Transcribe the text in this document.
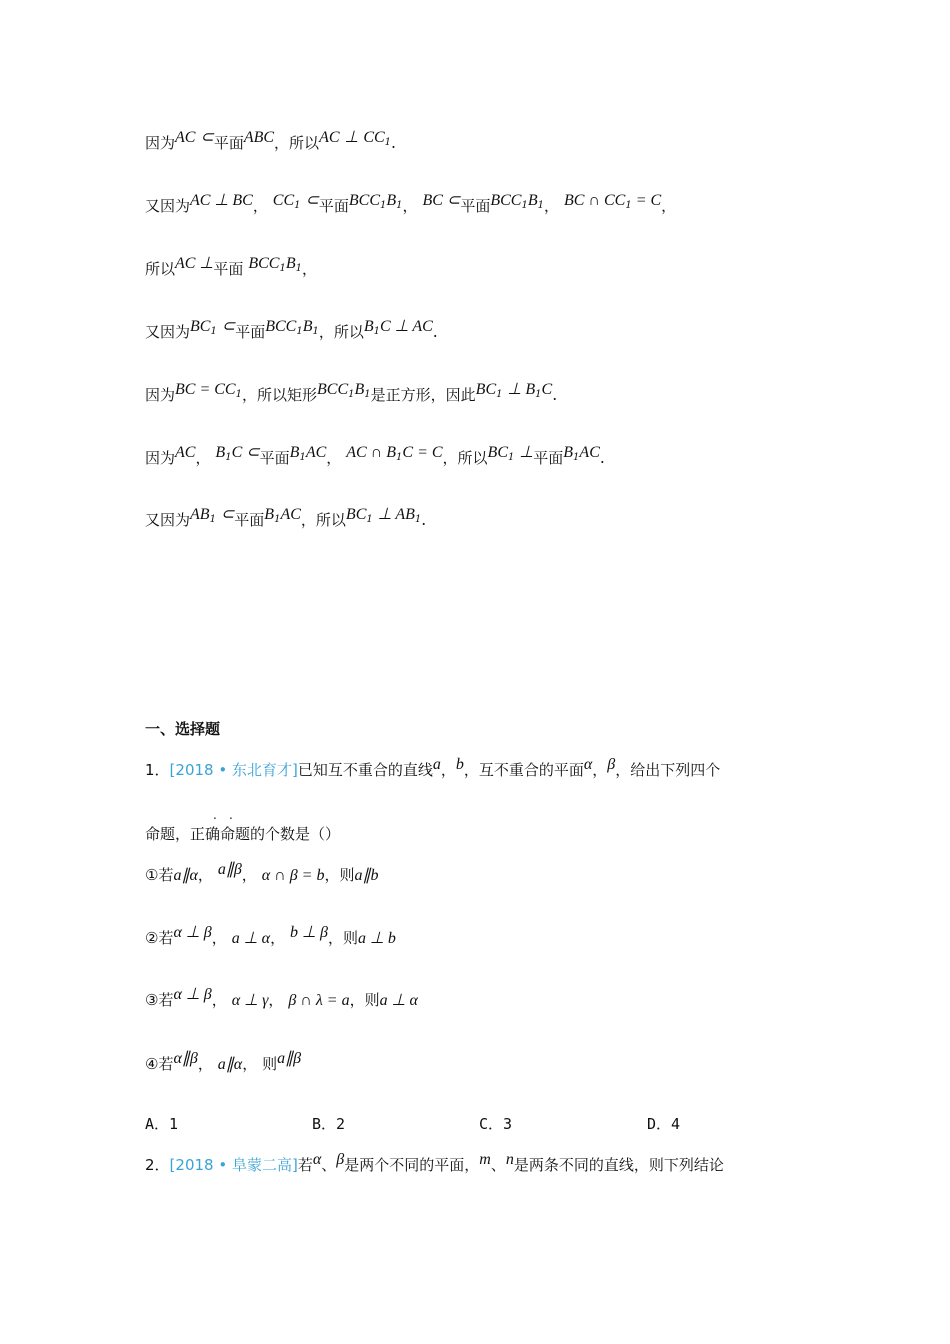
因为AC ⊂平面ABC，所以AC ⊥ $CC_1$.
又因为AC ⊥ BC， $CC_1$ ⊂平面$BCC_1B_1$， BC ⊂平面$BCC_1B_1$， BC ∩ $CC_1 = C$，
所以AC ⊥平面 $BCC_1B_1$，
又因为$BC_1$ ⊂平面$BCC_1B_1$，所以$B_1C$ ⊥ AC.
因为BC = $CC_1$，所以矩形$BCC_1B_1$是正方形，因此$BC_1$ ⊥ $B_1C$.
因为AC， $B_1C$ ⊂平面$B_1AC$， AC ∩ $B_1C = C$，所以$BC_1$ ⊥平面$B_1AC$.
又因为$AB_1$ ⊂平面$B_1AC$，所以$BC_1$ ⊥ $AB_1$.
一、选择题
1．[2018 • 东北育才]已知互不重合的直线a，b，互不重合的平面α，β，给出下列四个
. .
命题，正确命题的个数是（）
①若a∥α， a∥β， α ∩ β = b，则a∥b
②若α ⊥ β， a ⊥ α， b ⊥ β，则a ⊥ b
③若α ⊥ β， α ⊥ γ， β ∩ λ = a，则a ⊥ α
④若α∥β， a∥α， 则a∥β
A．1	B．2	C．3	D．4
2．[2018 • 阜蒙二高]若α、β是两个不同的平面，m、n是两条不同的直线，则下列结论
